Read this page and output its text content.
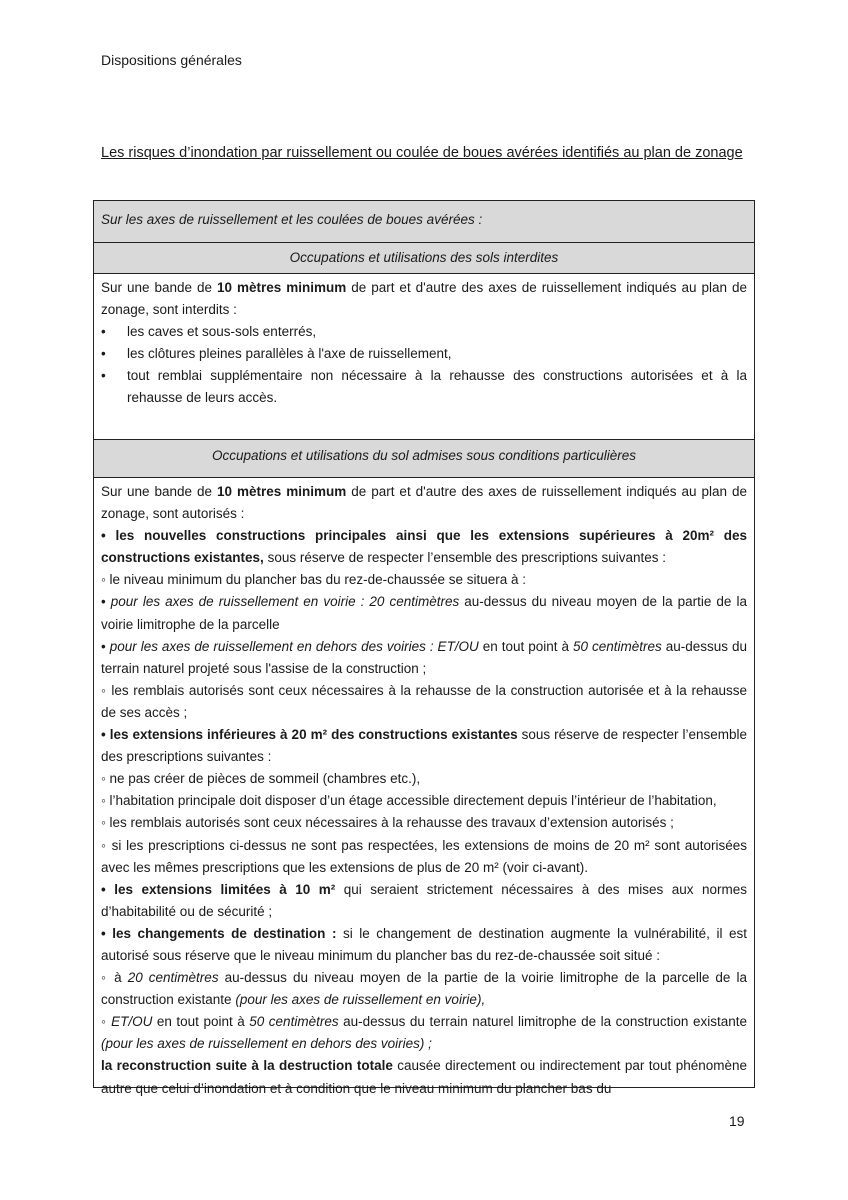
Dispositions générales
Les risques d’inondation par ruissellement ou coulée de boues avérées identifiés au plan de zonage
Sur les axes de ruissellement et les coulées de boues avérées :
Occupations et utilisations des sols interdites
Sur une bande de 10 mètres minimum de part et d'autre des axes de ruissellement indiqués au plan de zonage, sont interdits :
•	les caves et sous-sols enterrés,
•	les clôtures pleines parallèles à l'axe de ruissellement,
•	tout remblai supplémentaire non nécessaire à la rehausse des constructions autorisées et à la rehausse de leurs accès.
Occupations et utilisations du sol admises sous conditions particulières
Sur une bande de 10 mètres minimum de part et d'autre des axes de ruissellement indiqués au plan de zonage, sont autorisés :
• les nouvelles constructions principales ainsi que les extensions supérieures à 20m² des constructions existantes, sous réserve de respecter l’ensemble des prescriptions suivantes :
◦ le niveau minimum du plancher bas du rez-de-chaussée se situera à :
• pour les axes de ruissellement en voirie : 20 centimètres au-dessus du niveau moyen de la partie de la voirie limitrophe de la parcelle
• pour les axes de ruissellement en dehors des voiries : ET/OU en tout point à 50 centimètres au-dessus du terrain naturel projeté sous l'assise de la construction ;
◦ les remblais autorisés sont ceux nécessaires à la rehausse de la construction autorisée et à la rehausse de ses accès ;
• les extensions inférieures à 20 m² des constructions existantes sous réserve de respecter l’ensemble des prescriptions suivantes :
◦ ne pas créer de pièces de sommeil (chambres etc.),
◦ l’habitation principale doit disposer d’un étage accessible directement depuis l’intérieur de l’habitation,
◦ les remblais autorisés sont ceux nécessaires à la rehausse des travaux d’extension autorisés ;
◦ si les prescriptions ci-dessus ne sont pas respectées, les extensions de moins de 20 m² sont autorisées avec les mêmes prescriptions que les extensions de plus de 20 m² (voir ci-avant).
• les extensions limitées à 10 m² qui seraient strictement nécessaires à des mises aux normes d’habitabilité ou de sécurité ;
• les changements de destination : si le changement de destination augmente la vulnérabilité, il est autorisé sous réserve que le niveau minimum du plancher bas du rez-de-chaussée soit situé :
◦ à 20 centimètres au-dessus du niveau moyen de la partie de la voirie limitrophe de la parcelle de la construction existante (pour les axes de ruissellement en voirie),
◦ ET/OU en tout point à 50 centimètres au-dessus du terrain naturel limitrophe de la construction existante (pour les axes de ruissellement en dehors des voiries) ;
la reconstruction suite à la destruction totale causée directement ou indirectement par tout phénomène autre que celui d’inondation et à condition que le niveau minimum du plancher bas du
19
